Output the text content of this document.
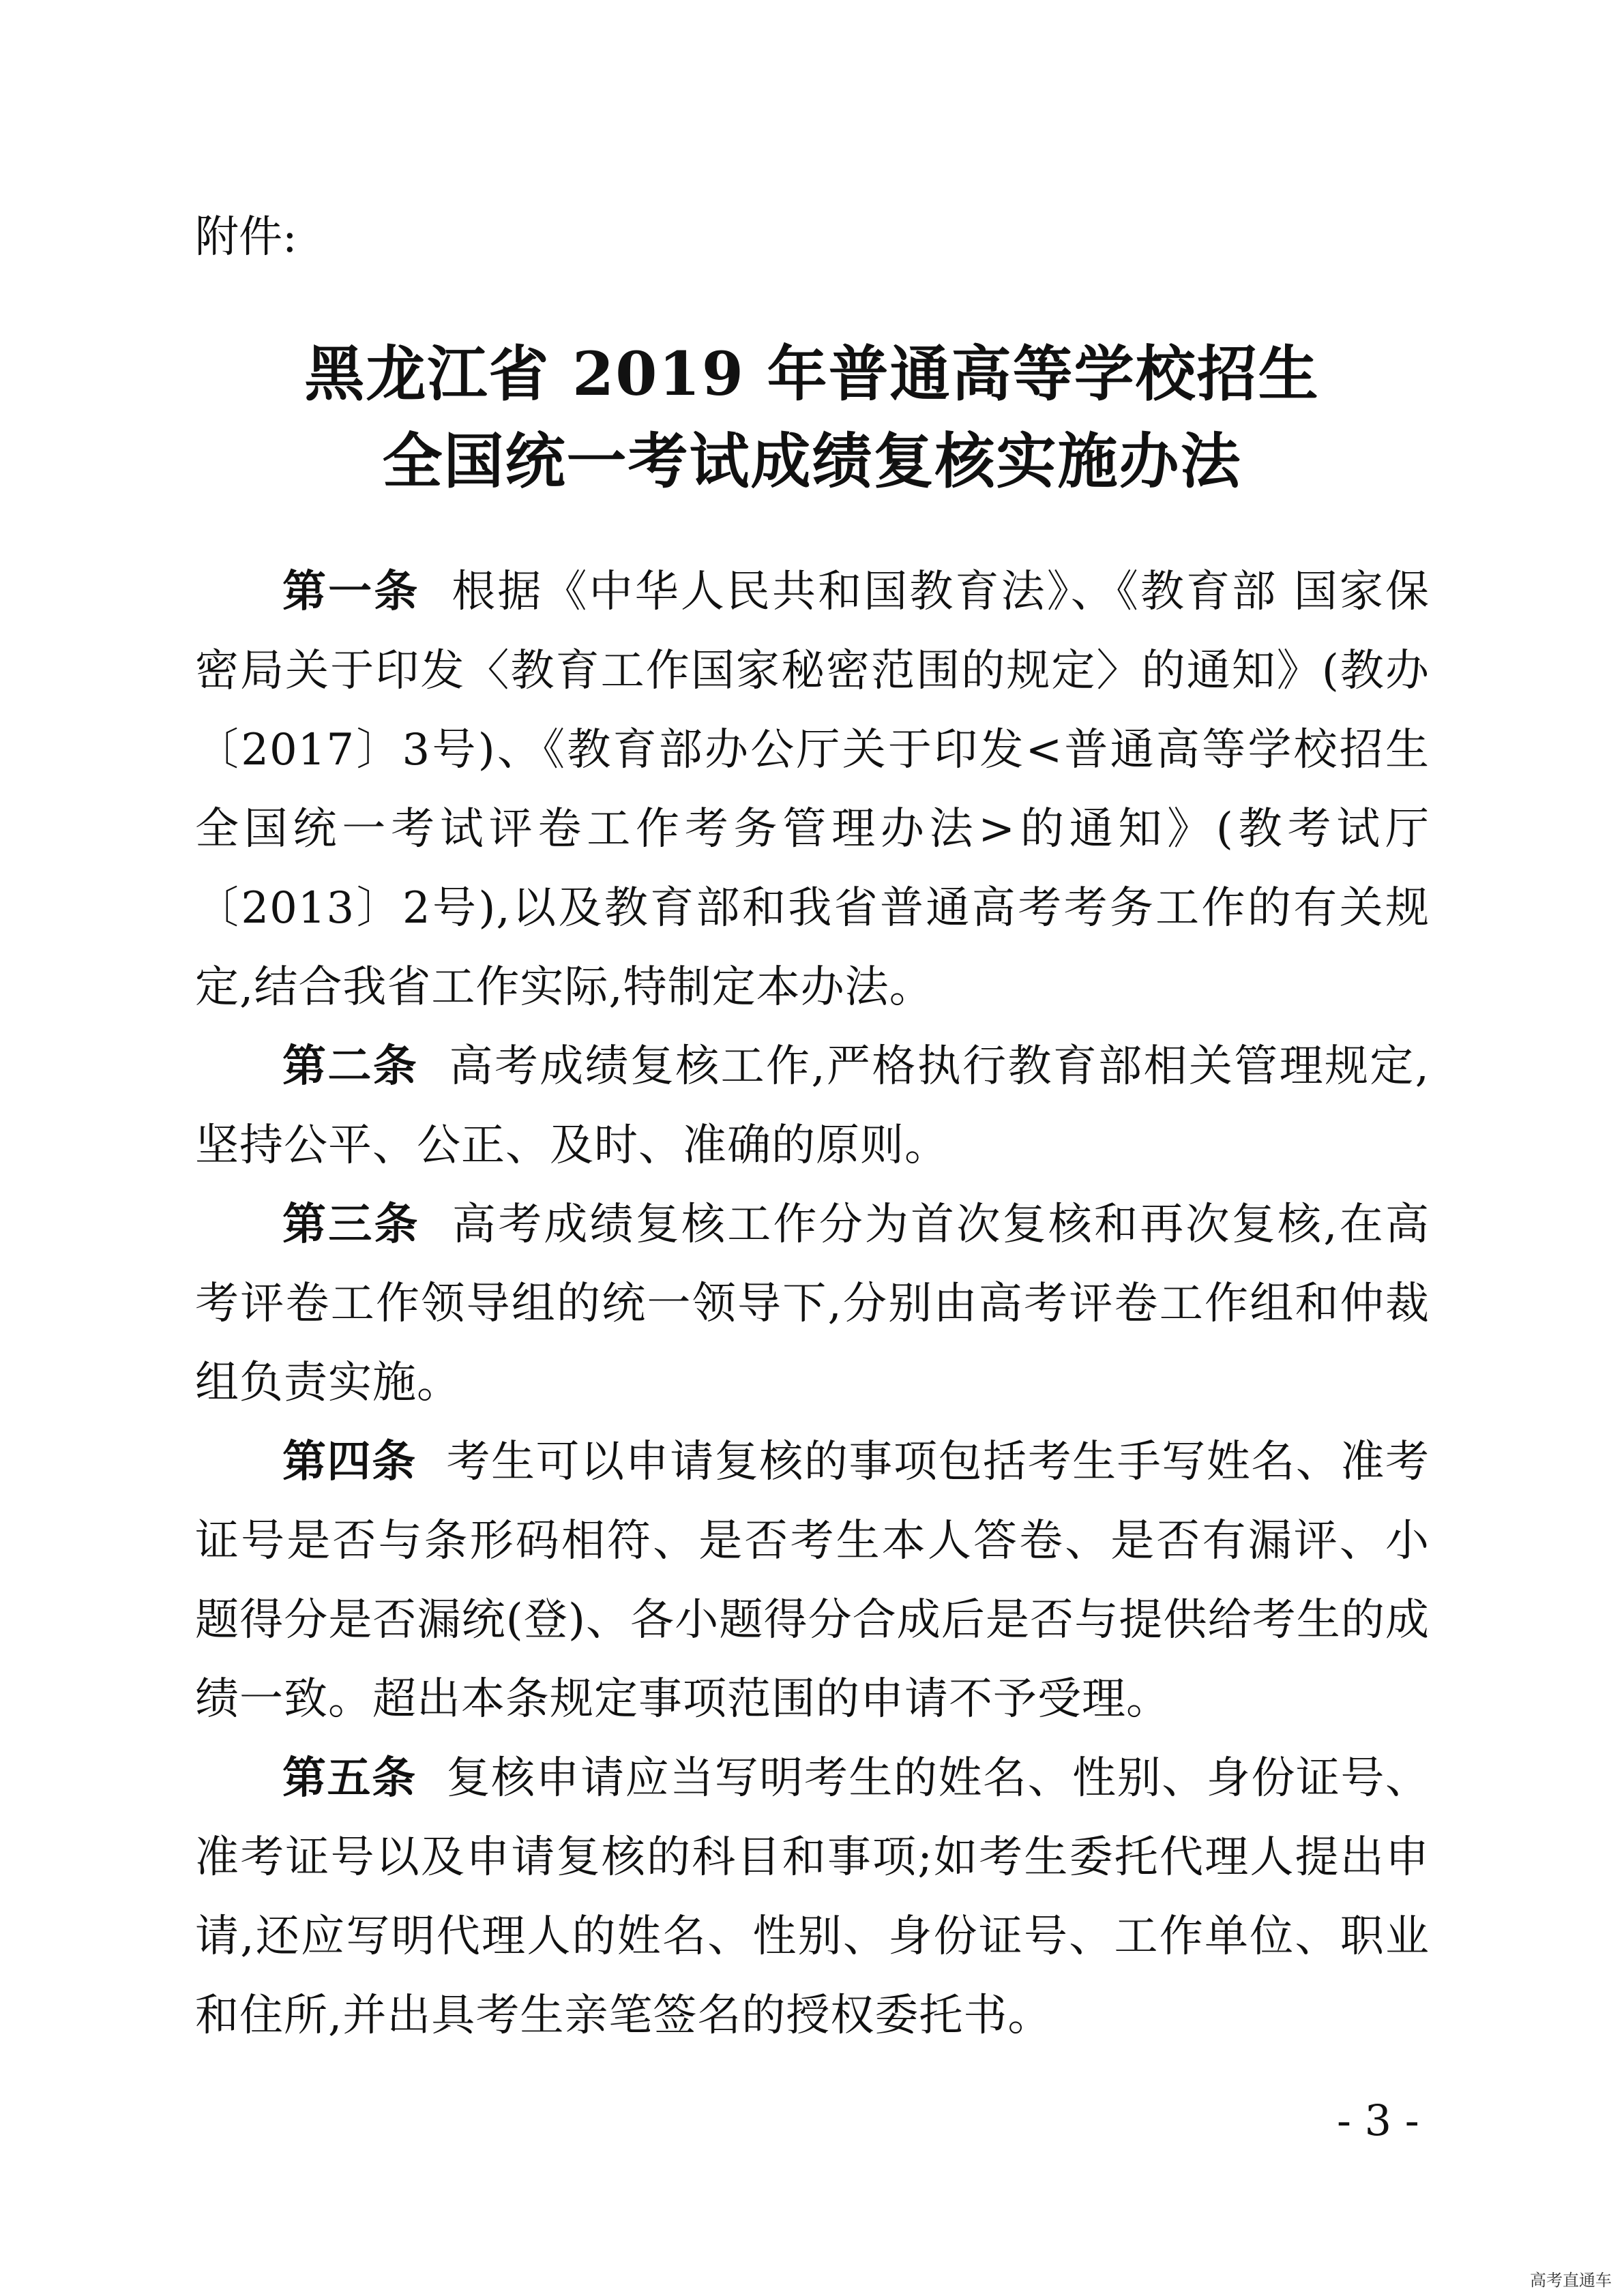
附件:

黑龙江省 2019 年普通高等学校招生
全国统一考试成绩复核实施办法

第一条 根据《中华人民共和国教育法》、《教育部 国家保密局关于印发〈教育工作国家秘密范围的规定〉的通知》(教办〔2017〕3号)、《教育部办公厅关于印发<普通高等学校招生全国统一考试评卷工作考务管理办法>的通知》(教考试厅〔2013〕2号),以及教育部和我省普通高考考务工作的有关规定,结合我省工作实际,特制定本办法。

第二条 高考成绩复核工作,严格执行教育部相关管理规定,坚持公平、公正、及时、准确的原则。

第三条 高考成绩复核工作分为首次复核和再次复核,在高考评卷工作领导组的统一领导下,分别由高考评卷工作组和仲裁组负责实施。

第四条 考生可以申请复核的事项包括考生手写姓名、准考证号是否与条形码相符、是否考生本人答卷、是否有漏评、小题得分是否漏统(登)、各小题得分合成后是否与提供给考生的成绩一致。超出本条规定事项范围的申请不予受理。

第五条 复核申请应当写明考生的姓名、性别、身份证号、准考证号以及申请复核的科目和事项;如考生委托代理人提出申请,还应写明代理人的姓名、性别、身份证号、工作单位、职业和住所,并出具考生亲笔签名的授权委托书。

- 3 -

高考直通车
